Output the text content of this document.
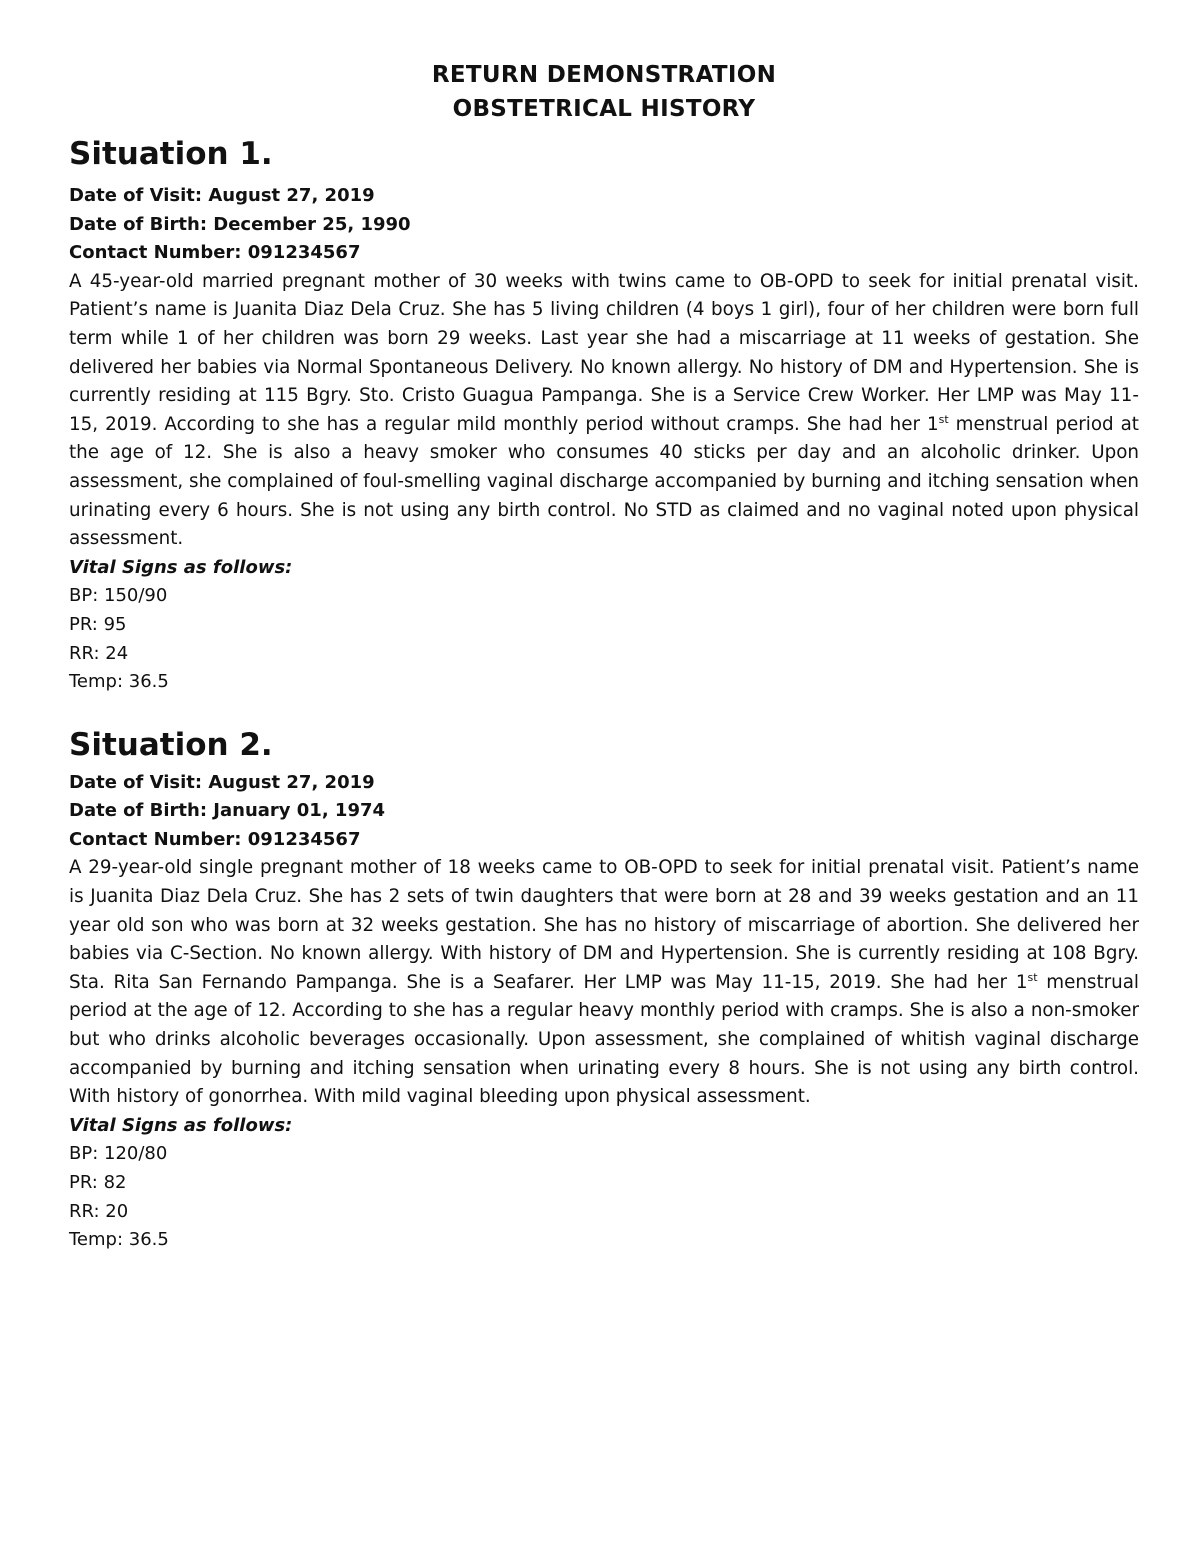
RETURN DEMONSTRATION
OBSTETRICAL HISTORY
Situation 1.
Date of Visit: August 27, 2019
Date of Birth: December 25, 1990
Contact Number: 091234567

A 45-year-old married pregnant mother of 30 weeks with twins came to OB-OPD to seek for initial prenatal visit. Patient’s name is Juanita Diaz Dela Cruz. She has 5 living children (4 boys 1 girl), four of her children were born full term while 1 of her children was born 29 weeks. Last year she had a miscarriage at 11 weeks of gestation. She delivered her babies via Normal Spontaneous Delivery. No known allergy. No history of DM and Hypertension. She is currently residing at 115 Bgry. Sto. Cristo Guagua Pampanga. She is a Service Crew Worker. Her LMP was May 11-15, 2019. According to she has a regular mild monthly period without cramps. She had her 1st menstrual period at the age of 12. She is also a heavy smoker who consumes 40 sticks per day and an alcoholic drinker. Upon assessment, she complained of foul-smelling vaginal discharge accompanied by burning and itching sensation when urinating every 6 hours. She is not using any birth control. No STD as claimed and no vaginal noted upon physical assessment.

Vital Signs as follows:
BP: 150/90
PR: 95
RR: 24
Temp: 36.5
Situation 2.
Date of Visit: August 27, 2019
Date of Birth: January 01, 1974
Contact Number: 091234567

A 29-year-old single pregnant mother of 18 weeks came to OB-OPD to seek for initial prenatal visit. Patient’s name is Juanita Diaz Dela Cruz. She has 2 sets of twin daughters that were born at 28 and 39 weeks gestation and an 11 year old son who was born at 32 weeks gestation. She has no history of miscarriage of abortion. She delivered her babies via C-Section. No known allergy. With history of DM and Hypertension. She is currently residing at 108 Bgry. Sta. Rita San Fernando Pampanga. She is a Seafarer. Her LMP was May 11-15, 2019. She had her 1st menstrual period at the age of 12. According to she has a regular heavy monthly period with cramps. She is also a non-smoker but who drinks alcoholic beverages occasionally. Upon assessment, she complained of whitish vaginal discharge accompanied by burning and itching sensation when urinating every 8 hours. She is not using any birth control. With history of gonorrhea. With mild vaginal bleeding upon physical assessment.

Vital Signs as follows:
BP: 120/80
PR: 82
RR: 20
Temp: 36.5
